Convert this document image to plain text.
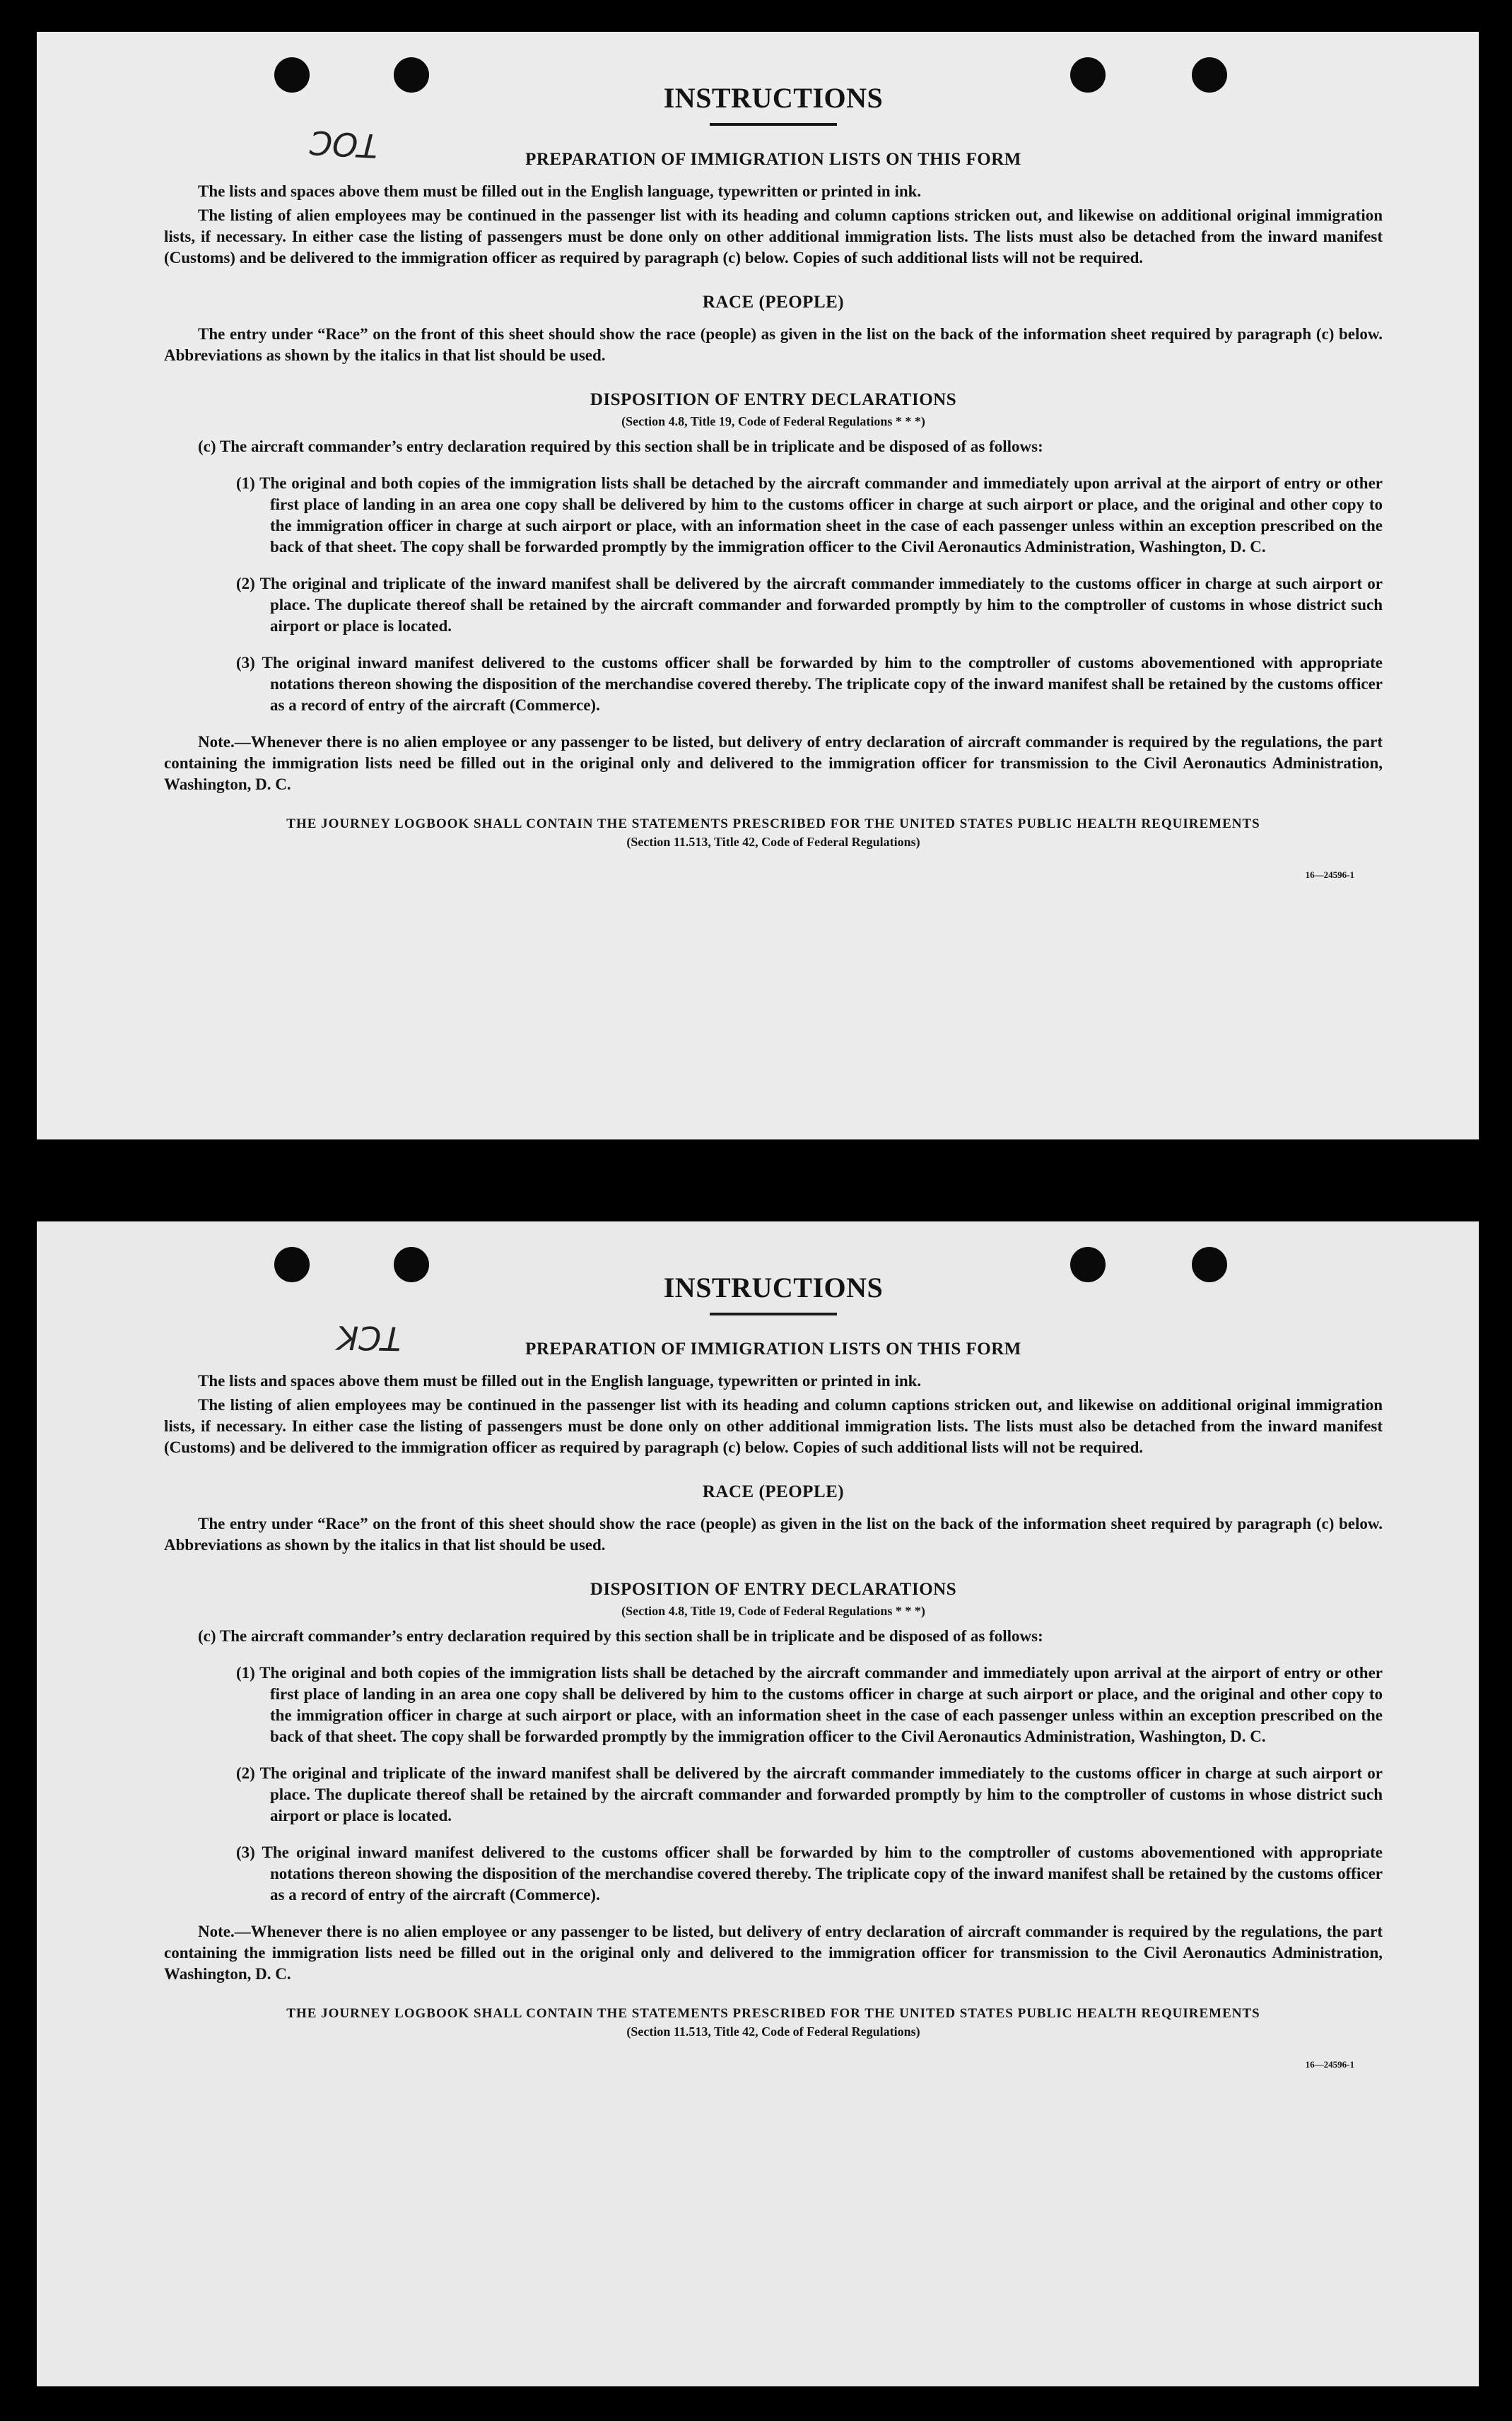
TOC

INSTRUCTIONS

PREPARATION OF IMMIGRATION LISTS ON THIS FORM

The lists and spaces above them must be filled out in the English language, typewritten or printed in ink.

The listing of alien employees may be continued in the passenger list with its heading and column captions stricken out, and likewise on additional original immigration lists, if necessary. In either case the listing of passengers must be done only on other additional immigration lists. The lists must also be detached from the inward manifest (Customs) and be delivered to the immigration officer as required by paragraph (c) below. Copies of such additional lists will not be required.

RACE (PEOPLE)

The entry under “Race” on the front of this sheet should show the race (people) as given in the list on the back of the information sheet required by paragraph (c) below. Abbreviations as shown by the italics in that list should be used.

DISPOSITION OF ENTRY DECLARATIONS

(Section 4.8, Title 19, Code of Federal Regulations * * *)

(c) The aircraft commander’s entry declaration required by this section shall be in triplicate and be disposed of as follows:

(1) The original and both copies of the immigration lists shall be detached by the aircraft commander and immediately upon arrival at the airport of entry or other first place of landing in an area one copy shall be delivered by him to the customs officer in charge at such airport or place, and the original and other copy to the immigration officer in charge at such airport or place, with an information sheet in the case of each passenger unless within an exception prescribed on the back of that sheet. The copy shall be forwarded promptly by the immigration officer to the Civil Aeronautics Administration, Washington, D. C.

(2) The original and triplicate of the inward manifest shall be delivered by the aircraft commander immediately to the customs officer in charge at such airport or place. The duplicate thereof shall be retained by the aircraft commander and forwarded promptly by him to the comptroller of customs in whose district such airport or place is located.

(3) The original inward manifest delivered to the customs officer shall be forwarded by him to the comptroller of customs abovementioned with appropriate notations thereon showing the disposition of the merchandise covered thereby. The triplicate copy of the inward manifest shall be retained by the customs officer as a record of entry of the aircraft (Commerce).

Note.—Whenever there is no alien employee or any passenger to be listed, but delivery of entry declaration of aircraft commander is required by the regulations, the part containing the immigration lists need be filled out in the original only and delivered to the immigration officer for transmission to the Civil Aeronautics Administration, Washington, D. C.

THE JOURNEY LOGBOOK SHALL CONTAIN THE STATEMENTS PRESCRIBED FOR THE UNITED STATES PUBLIC HEALTH REQUIREMENTS

(Section 11.513, Title 42, Code of Federal Regulations)

16—24596-1

TCK

INSTRUCTIONS

PREPARATION OF IMMIGRATION LISTS ON THIS FORM

The lists and spaces above them must be filled out in the English language, typewritten or printed in ink.

The listing of alien employees may be continued in the passenger list with its heading and column captions stricken out, and likewise on additional original immigration lists, if necessary. In either case the listing of passengers must be done only on other additional immigration lists. The lists must also be detached from the inward manifest (Customs) and be delivered to the immigration officer as required by paragraph (c) below. Copies of such additional lists will not be required.

RACE (PEOPLE)

The entry under “Race” on the front of this sheet should show the race (people) as given in the list on the back of the information sheet required by paragraph (c) below. Abbreviations as shown by the italics in that list should be used.

DISPOSITION OF ENTRY DECLARATIONS

(Section 4.8, Title 19, Code of Federal Regulations * * *)

(c) The aircraft commander’s entry declaration required by this section shall be in triplicate and be disposed of as follows:

(1) The original and both copies of the immigration lists shall be detached by the aircraft commander and immediately upon arrival at the airport of entry or other first place of landing in an area one copy shall be delivered by him to the customs officer in charge at such airport or place, and the original and other copy to the immigration officer in charge at such airport or place, with an information sheet in the case of each passenger unless within an exception prescribed on the back of that sheet. The copy shall be forwarded promptly by the immigration officer to the Civil Aeronautics Administration, Washington, D. C.

(2) The original and triplicate of the inward manifest shall be delivered by the aircraft commander immediately to the customs officer in charge at such airport or place. The duplicate thereof shall be retained by the aircraft commander and forwarded promptly by him to the comptroller of customs in whose district such airport or place is located.

(3) The original inward manifest delivered to the customs officer shall be forwarded by him to the comptroller of customs abovementioned with appropriate notations thereon showing the disposition of the merchandise covered thereby. The triplicate copy of the inward manifest shall be retained by the customs officer as a record of entry of the aircraft (Commerce).

Note.—Whenever there is no alien employee or any passenger to be listed, but delivery of entry declaration of aircraft commander is required by the regulations, the part containing the immigration lists need be filled out in the original only and delivered to the immigration officer for transmission to the Civil Aeronautics Administration, Washington, D. C.

THE JOURNEY LOGBOOK SHALL CONTAIN THE STATEMENTS PRESCRIBED FOR THE UNITED STATES PUBLIC HEALTH REQUIREMENTS

(Section 11.513, Title 42, Code of Federal Regulations)

16—24596-1
